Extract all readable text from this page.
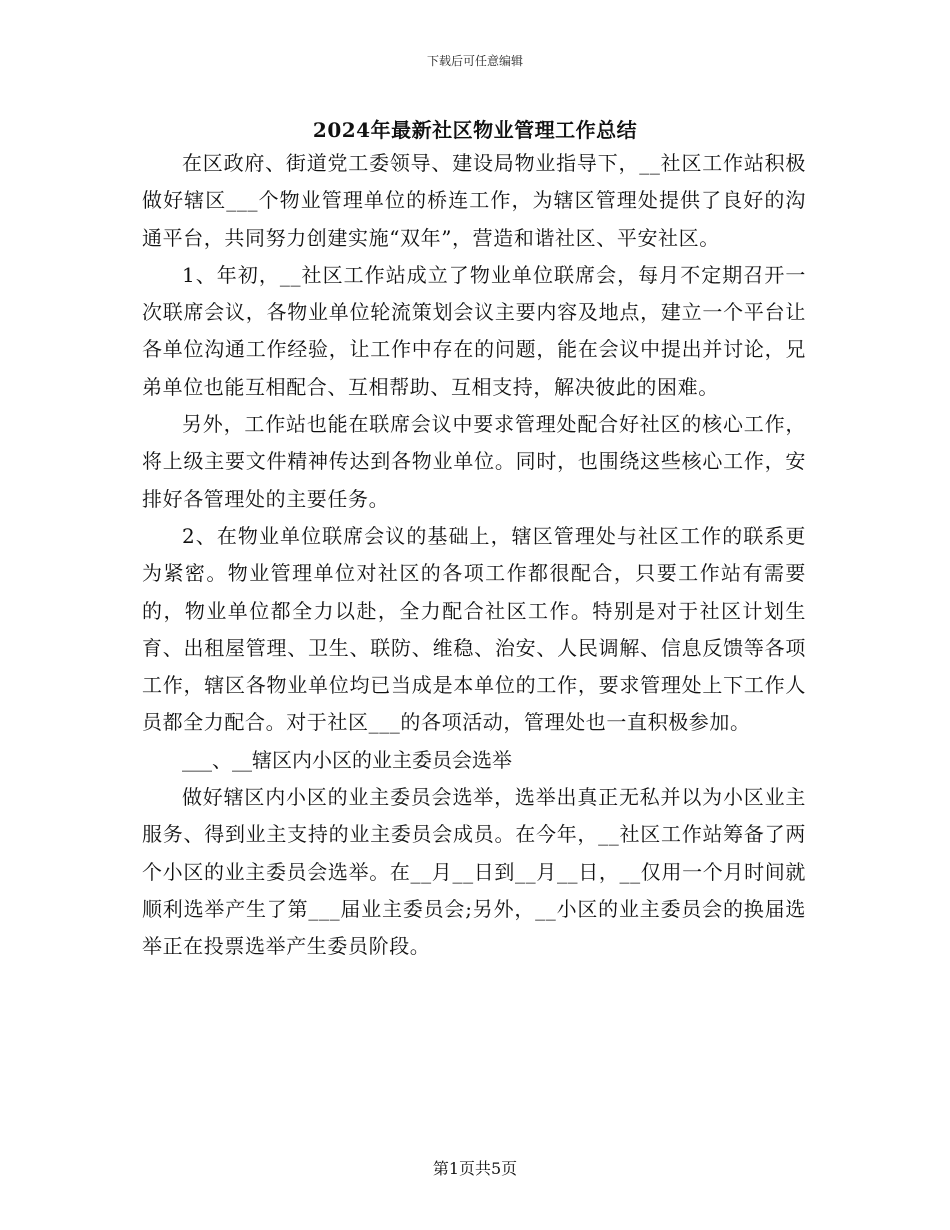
下载后可任意编辑
2024年最新社区物业管理工作总结

在区政府、街道党工委领导、建设局物业指导下，__社区工作站积极做好辖区___个物业管理单位的桥连工作，为辖区管理处提供了良好的沟通平台，共同努力创建实施“双年”，营造和谐社区、平安社区。

1、年初，__社区工作站成立了物业单位联席会，每月不定期召开一次联席会议，各物业单位轮流策划会议主要内容及地点，建立一个平台让各单位沟通工作经验，让工作中存在的问题，能在会议中提出并讨论，兄弟单位也能互相配合、互相帮助、互相支持，解决彼此的困难。

另外，工作站也能在联席会议中要求管理处配合好社区的核心工作，将上级主要文件精神传达到各物业单位。同时，也围绕这些核心工作，安排好各管理处的主要任务。

2、在物业单位联席会议的基础上，辖区管理处与社区工作的联系更为紧密。物业管理单位对社区的各项工作都很配合，只要工作站有需要的，物业单位都全力以赴，全力配合社区工作。特别是对于社区计划生育、出租屋管理、卫生、联防、维稳、治安、人民调解、信息反馈等各项工作，辖区各物业单位均已当成是本单位的工作，要求管理处上下工作人员都全力配合。对于社区___的各项活动，管理处也一直积极参加。

___、__辖区内小区的业主委员会选举

做好辖区内小区的业主委员会选举，选举出真正无私并以为小区业主服务、得到业主支持的业主委员会成员。在今年，__社区工作站筹备了两个小区的业主委员会选举。在__月__日到__月__日，__仅用一个月时间就顺利选举产生了第___届业主委员会;另外，__小区的业主委员会的换届选举正在投票选举产生委员阶段。

第1页共5页
